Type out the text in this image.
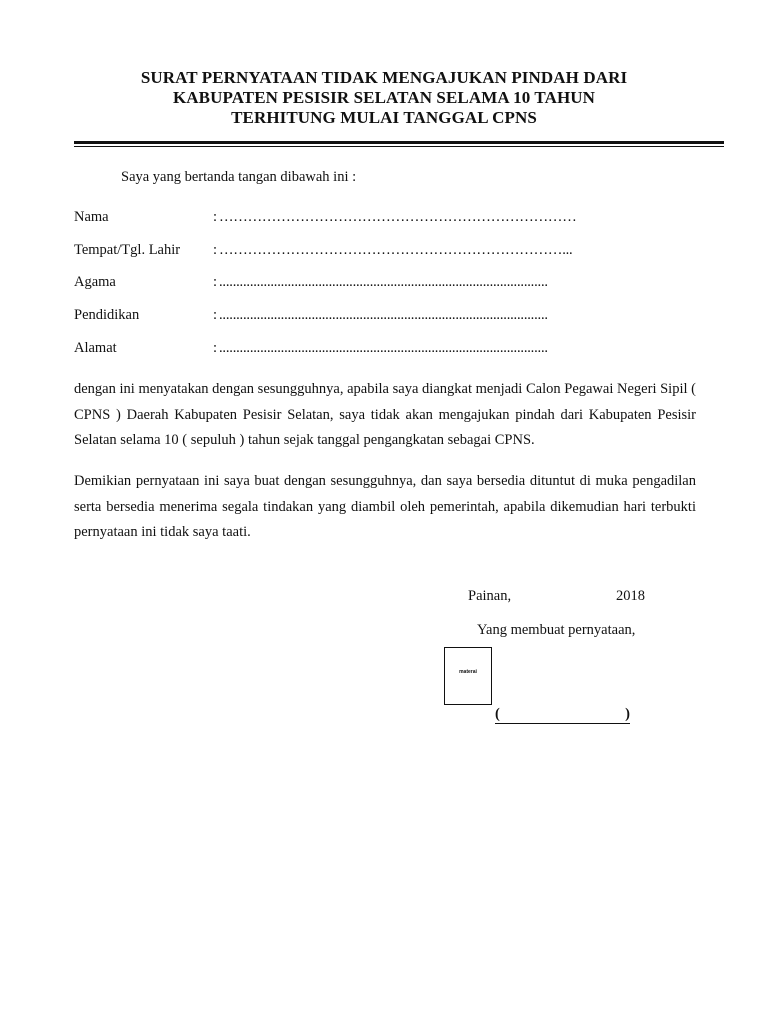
SURAT PERNYATAAN TIDAK MENGAJUKAN PINDAH DARI
KABUPATEN PESISIR SELATAN SELAMA 10 TAHUN
TERHITUNG MULAI TANGGAL CPNS
Saya yang bertanda tangan dibawah ini :
Nama	: …………………………………………………………………
Tempat/Tgl. Lahir : ………………………………………………………………...
Agama	: ................................................................................................
Pendidikan	: ................................................................................................
Alamat	: ................................................................................................
dengan ini menyatakan dengan sesungguhnya, apabila saya diangkat menjadi Calon Pegawai Negeri Sipil ( CPNS ) Daerah Kabupaten Pesisir Selatan, saya tidak akan mengajukan pindah dari Kabupaten Pesisir Selatan selama 10 ( sepuluh ) tahun sejak tanggal pengangkatan sebagai CPNS.
Demikian pernyataan ini saya buat dengan sesungguhnya, dan saya bersedia dituntut di muka pengadilan serta bersedia menerima segala tindakan yang diambil oleh pemerintah, apabila dikemudian hari terbukti pernyataan ini tidak saya taati.
Painan,	2018
Yang membuat pernyataan,
materai
(	)
